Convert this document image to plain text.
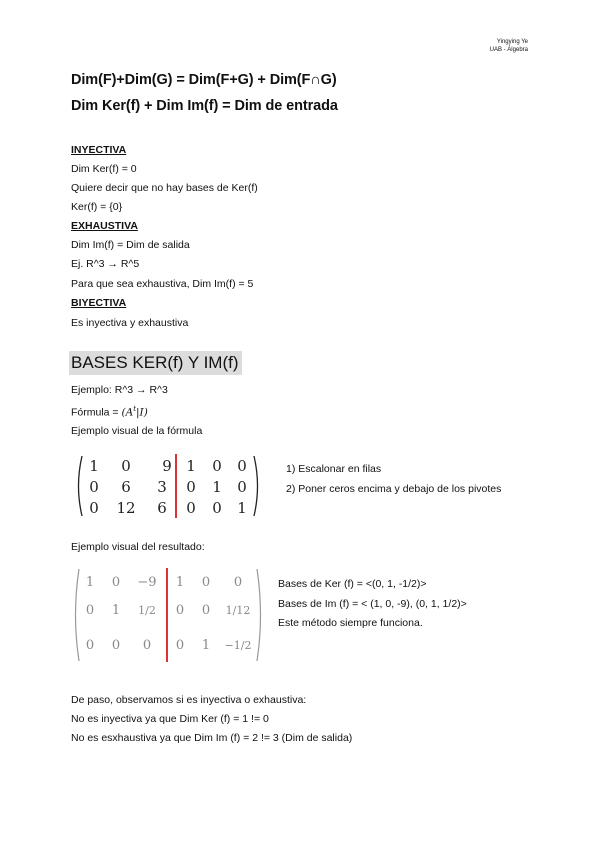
Yingying Ye
UAB - Álgebra
Dim(F)+Dim(G) = Dim(F+G) + Dim(F∩G)
Dim Ker(f) + Dim Im(f) = Dim de entrada
INYECTIVA
Dim Ker(f) = 0
Quiere decir que no hay bases de Ker(f)
Ker(f) = {0}
EXHAUSTIVA
Dim Im(f) = Dim de salida
Ej. R^3 → R^5
Para que sea exhaustiva, Dim Im(f) = 5
BIYECTIVA
Es inyectiva y exhaustiva
BASES KER(f) Y IM(f)
Ejemplo: R^3 → R^3
Fórmula = $(A^t|I)$
Ejemplo visual de la fórmula
1 0 9
0 6 3
0 12 6
1 0 0
0 1 0
0 0 1
1) Escalonar en filas
2) Poner ceros encima y debajo de los pivotes
Ejemplo visual del resultado:
1 0 −9
0 1 1/2
0 0 0
1 0 0
0 0 1/12
0 1 −1/2
Bases de Ker (f) = <(0, 1, -1/2)>
Bases de Im (f) = < (1, 0, -9), (0, 1, 1/2)>
Este método siempre funciona.
De paso, observamos si es inyectiva o exhaustiva:
No es inyectiva ya que Dim Ker (f) = 1 != 0
No es esxhaustiva ya que Dim Im (f) = 2 != 3 (Dim de salida)
